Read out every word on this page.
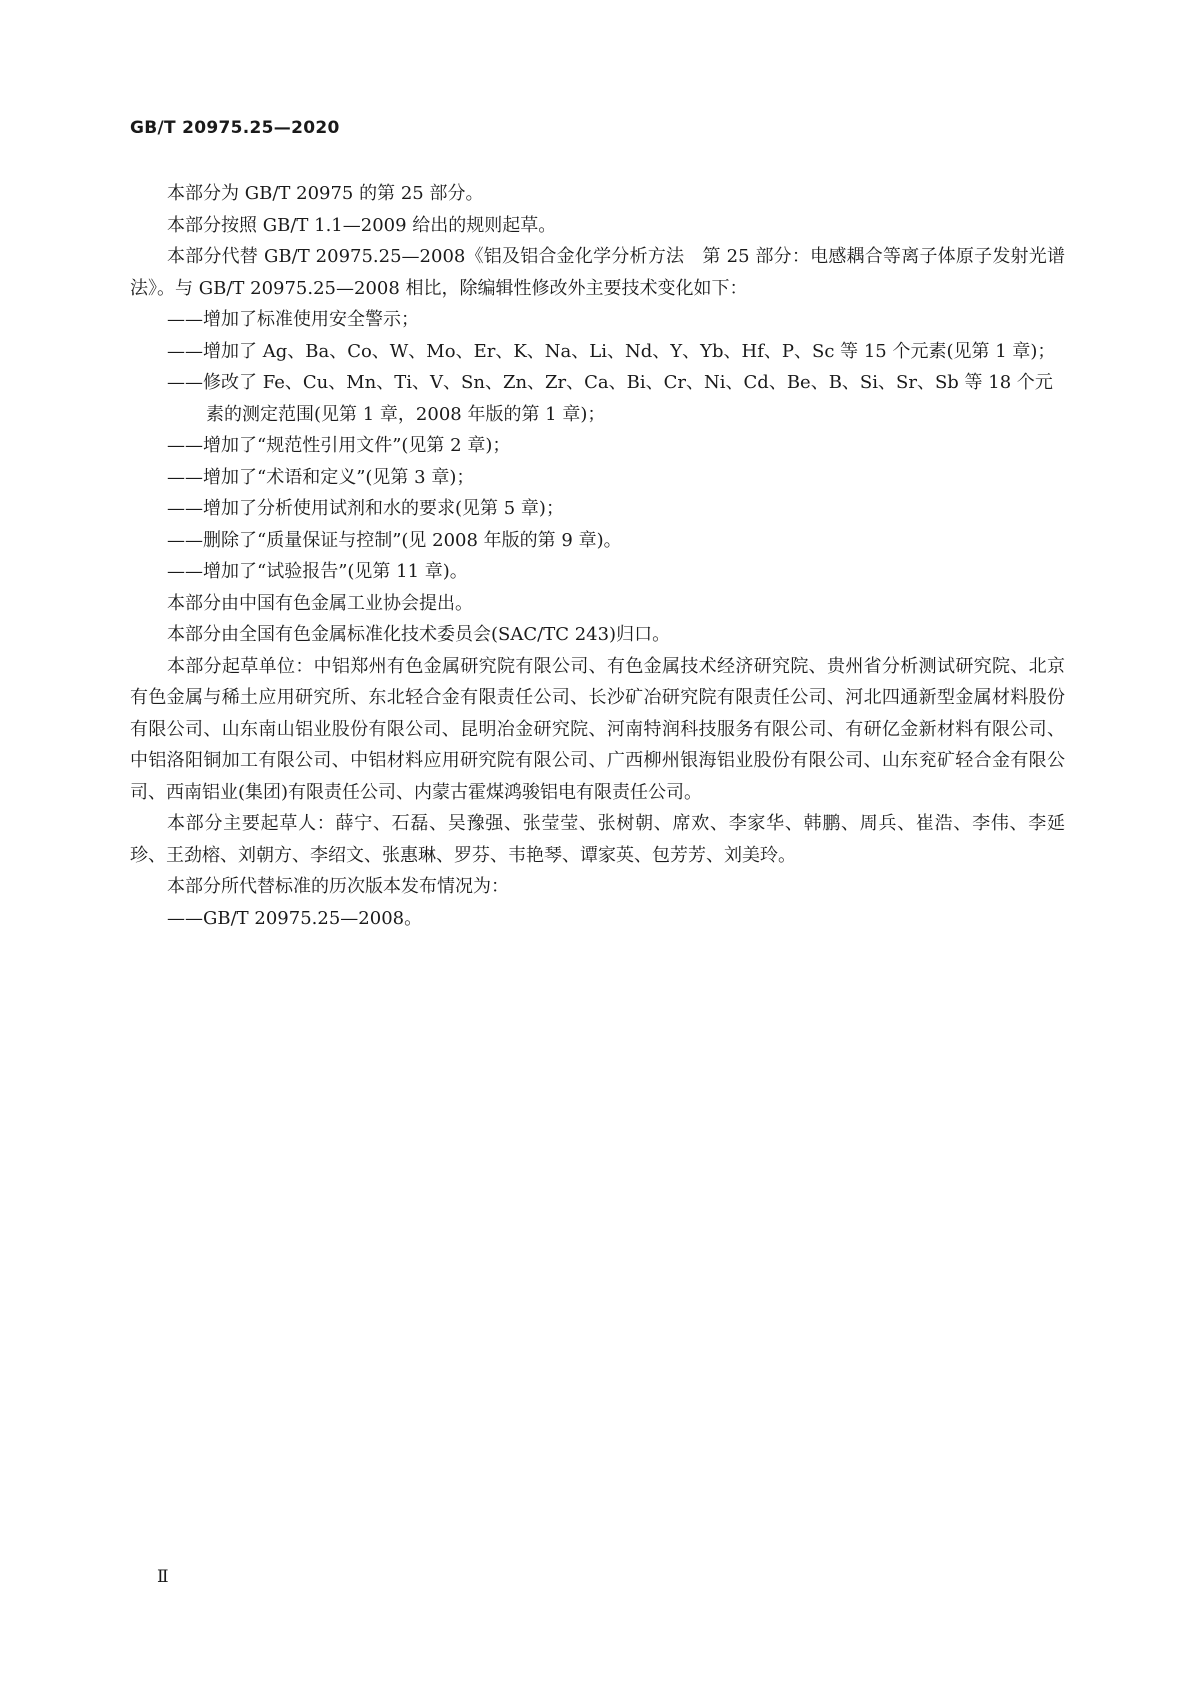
GB/T 20975.25—2020

本部分为 GB/T 20975 的第 25 部分。

本部分按照 GB/T 1.1—2009 给出的规则起草。

本部分代替 GB/T 20975.25—2008《铝及铝合金化学分析方法　第 25 部分：电感耦合等离子体原子发射光谱法》。与 GB/T 20975.25—2008 相比，除编辑性修改外主要技术变化如下：

——增加了标准使用安全警示；

——增加了 Ag、Ba、Co、W、Mo、Er、K、Na、Li、Nd、Y、Yb、Hf、P、Sc 等 15 个元素(见第 1 章)；

——修改了 Fe、Cu、Mn、Ti、V、Sn、Zn、Zr、Ca、Bi、Cr、Ni、Cd、Be、B、Si、Sr、Sb 等 18 个元素的测定范围(见第 1 章，2008 年版的第 1 章)；

——增加了“规范性引用文件”(见第 2 章)；

——增加了“术语和定义”(见第 3 章)；

——增加了分析使用试剂和水的要求(见第 5 章)；

——删除了“质量保证与控制”(见 2008 年版的第 9 章)。

——增加了“试验报告”(见第 11 章)。

本部分由中国有色金属工业协会提出。

本部分由全国有色金属标准化技术委员会(SAC/TC 243)归口。

本部分起草单位：中铝郑州有色金属研究院有限公司、有色金属技术经济研究院、贵州省分析测试研究院、北京有色金属与稀土应用研究所、东北轻合金有限责任公司、长沙矿冶研究院有限责任公司、河北四通新型金属材料股份有限公司、山东南山铝业股份有限公司、昆明冶金研究院、河南特润科技服务有限公司、有研亿金新材料有限公司、中铝洛阳铜加工有限公司、中铝材料应用研究院有限公司、广西柳州银海铝业股份有限公司、山东兖矿轻合金有限公司、西南铝业(集团)有限责任公司、内蒙古霍煤鸿骏铝电有限责任公司。

本部分主要起草人：薛宁、石磊、吴豫强、张莹莹、张树朝、席欢、李家华、韩鹏、周兵、崔浩、李伟、李延珍、王劲榕、刘朝方、李绍文、张惠琳、罗芬、韦艳琴、谭家英、包芳芳、刘美玲。

本部分所代替标准的历次版本发布情况为：

——GB/T 20975.25—2008。

Ⅱ
